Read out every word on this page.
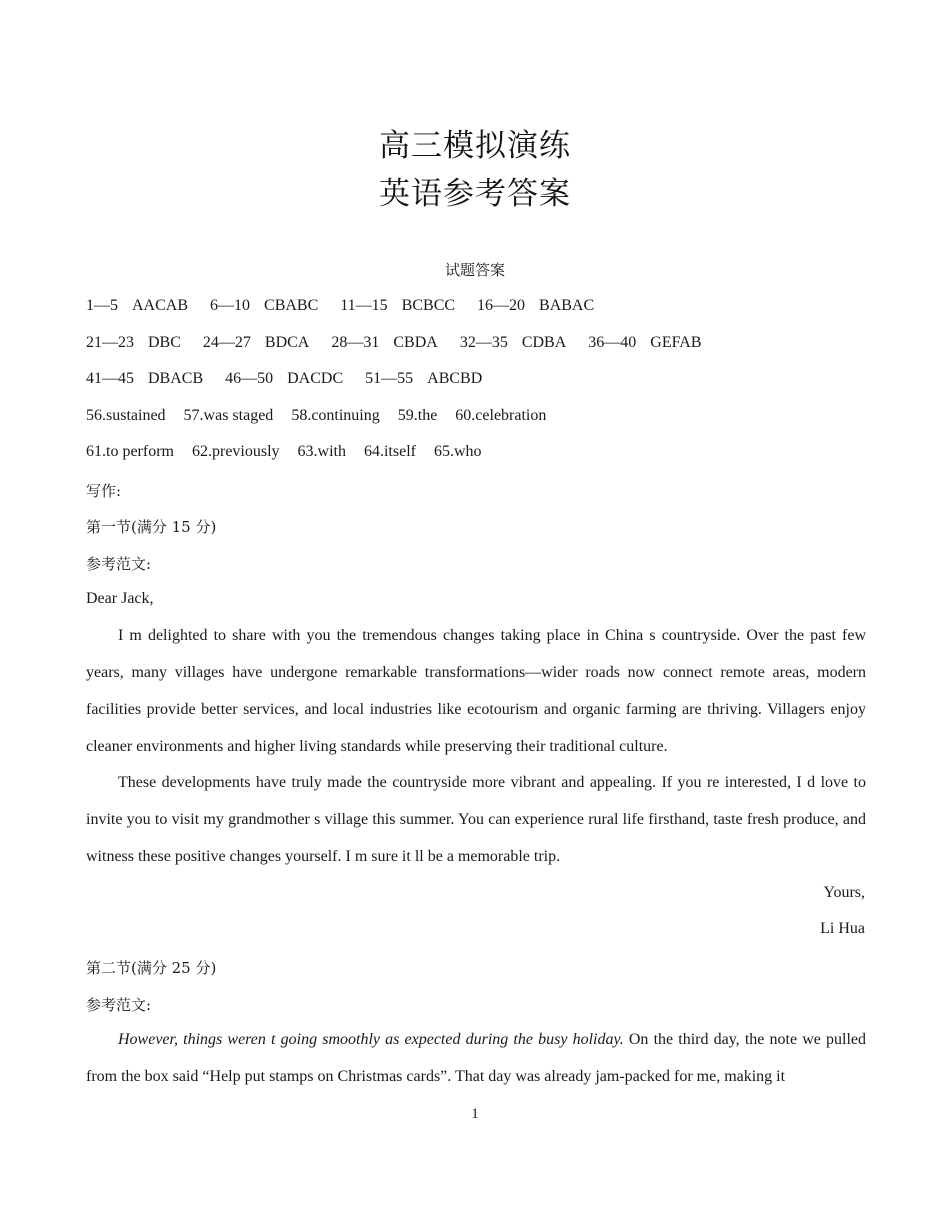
高三模拟演练
英语参考答案
试题答案
1—5 AACAB 6—10 CBABC 11—15 BCBCC 16—20 BABAC
21—23 DBC 24—27 BDCA 28—31 CBDA 32—35 CDBA 36—40 GEFAB
41—45 DBACB 46—50 DACDC 51—55 ABCBD
56.sustained 57.was staged 58.continuing 59.the 60.celebration
61.to perform 62.previously 63.with 64.itself 65.who
写作:
第一节(满分 15 分)
参考范文:
Dear Jack,

I m delighted to share with you the tremendous changes taking place in China s countryside. Over the past few years, many villages have undergone remarkable transformations—wider roads now connect remote areas, modern facilities provide better services, and local industries like ecotourism and organic farming are thriving. Villagers enjoy cleaner environments and higher living standards while preserving their traditional culture.

These developments have truly made the countryside more vibrant and appealing. If you re interested, I d love to invite you to visit my grandmother s village this summer. You can experience rural life firsthand, taste fresh produce, and witness these positive changes yourself. I m sure it ll be a memorable trip.

Yours,
Li Hua
第二节(满分 25 分)
参考范文:

However, things weren t going smoothly as expected during the busy holiday. On the third day, the note we pulled from the box said “Help put stamps on Christmas cards”. That day was already jam-packed for me, making it

1
